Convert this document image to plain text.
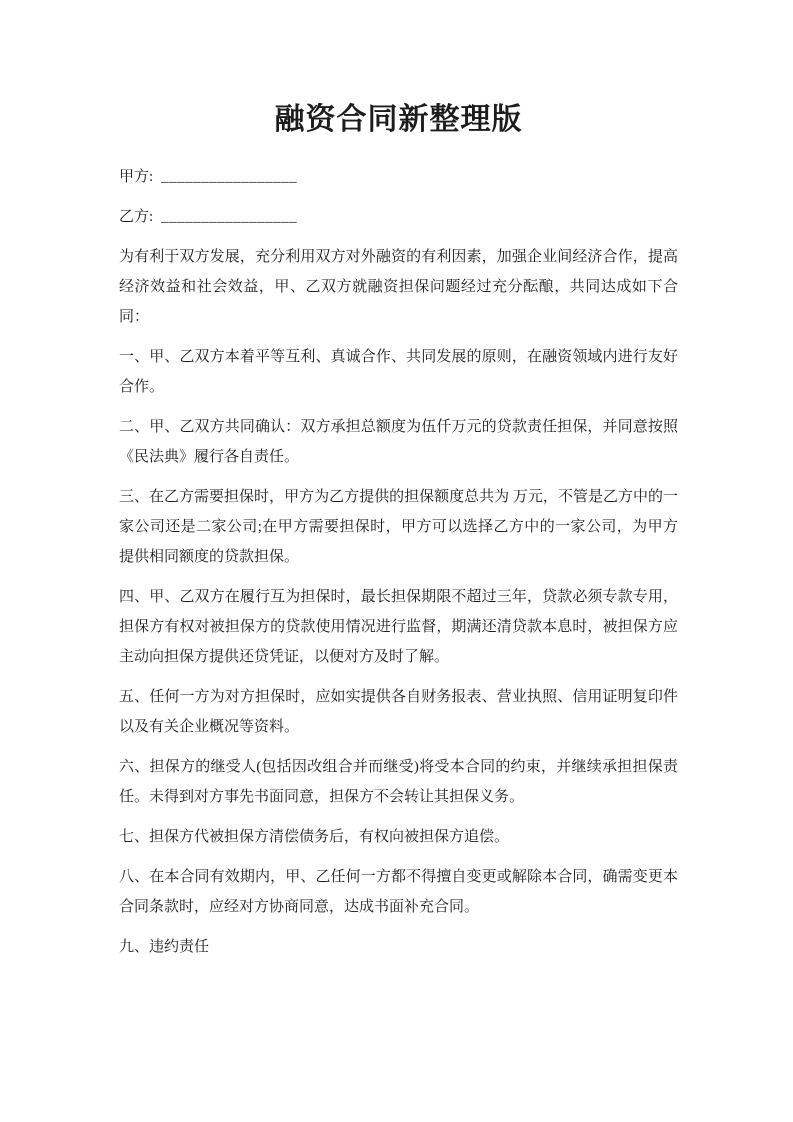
融资合同新整理版

甲方: _________________

乙方: _________________

为有利于双方发展，充分利用双方对外融资的有利因素，加强企业间经济合作，提高经济效益和社会效益，甲、乙双方就融资担保问题经过充分酝酿，共同达成如下合同：

一、甲、乙双方本着平等互利、真诚合作、共同发展的原则，在融资领域内进行友好合作。

二、甲、乙双方共同确认：双方承担总额度为伍仟万元的贷款责任担保，并同意按照《民法典》履行各自责任。

三、在乙方需要担保时，甲方为乙方提供的担保额度总共为 万元，不管是乙方中的一家公司还是二家公司;在甲方需要担保时，甲方可以选择乙方中的一家公司，为甲方提供相同额度的贷款担保。

四、甲、乙双方在履行互为担保时，最长担保期限不超过三年，贷款必须专款专用，担保方有权对被担保方的贷款使用情况进行监督，期满还清贷款本息时，被担保方应主动向担保方提供还贷凭证，以便对方及时了解。

五、任何一方为对方担保时，应如实提供各自财务报表、营业执照、信用证明复印件以及有关企业概况等资料。

六、担保方的继受人(包括因改组合并而继受)将受本合同的约束，并继续承担担保责任。未得到对方事先书面同意，担保方不会转让其担保义务。

七、担保方代被担保方清偿债务后，有权向被担保方追偿。

八、在本合同有效期内，甲、乙任何一方都不得擅自变更或解除本合同，确需变更本合同条款时，应经对方协商同意，达成书面补充合同。

九、违约责任
